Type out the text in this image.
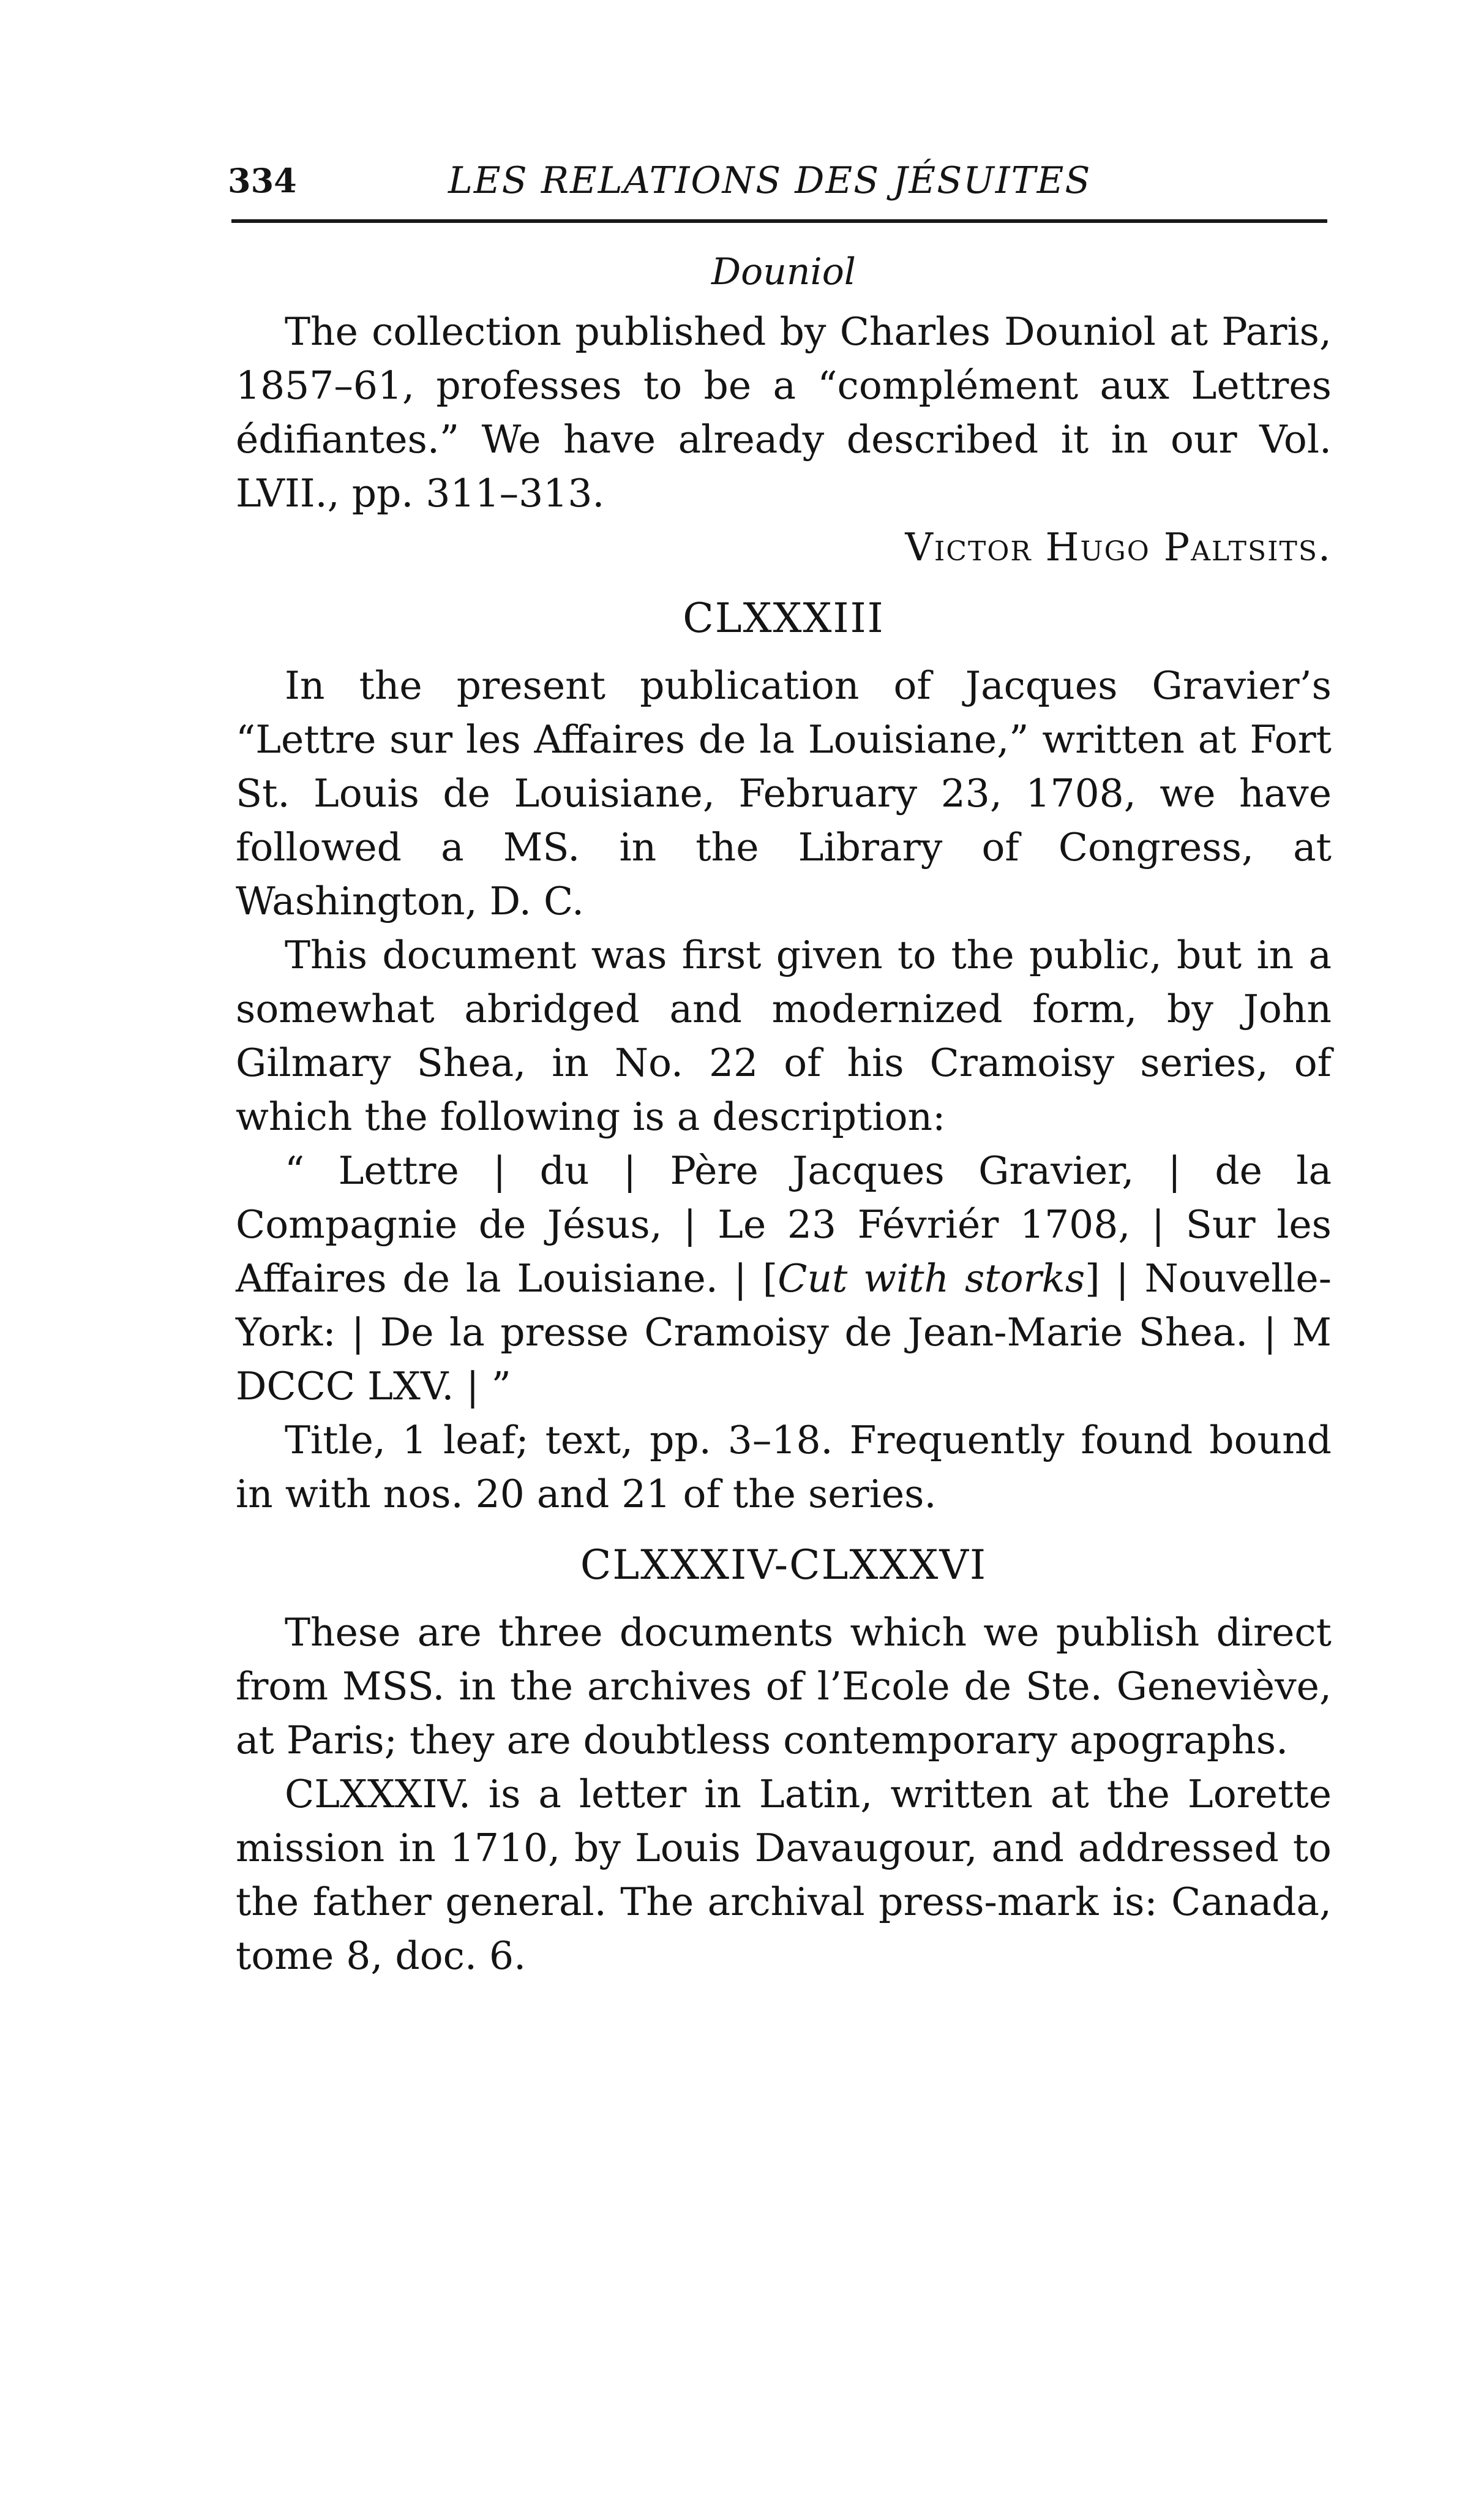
334	LES RELATIONS DES JÉSUITES

Douniol

The collection published by Charles Douniol at Paris, 1857–61, professes to be a “complément aux Lettres édifiantes.” We have already described it in our Vol. LVII., pp. 311–313.

Victor Hugo Paltsits.

CLXXXIII

In the present publication of Jacques Gravier’s “Lettre sur les Affaires de la Louisiane,” written at Fort St. Louis de Louisiane, February 23, 1708, we have followed a MS. in the Library of Congress, at Washington, D. C.

This document was first given to the public, but in a somewhat abridged and modernized form, by John Gilmary Shea, in No. 22 of his Cramoisy series, of which the following is a description:

“ Lettre | du | Père Jacques Gravier, | de la Compagnie de Jésus, | Le 23 Févriér 1708, | Sur les Affaires de la Louisiane. | [Cut with storks] | Nouvelle-York: | De la presse Cramoisy de Jean-Marie Shea. | M DCCC LXV. | ”

Title, 1 leaf; text, pp. 3–18. Frequently found bound in with nos. 20 and 21 of the series.

CLXXXIV-CLXXXVI

These are three documents which we publish direct from MSS. in the archives of l’Ecole de Ste. Geneviève, at Paris; they are doubtless contemporary apographs.

CLXXXIV. is a letter in Latin, written at the Lorette mission in 1710, by Louis Davaugour, and addressed to the father general. The archival press-mark is: Canada, tome 8, doc. 6.
